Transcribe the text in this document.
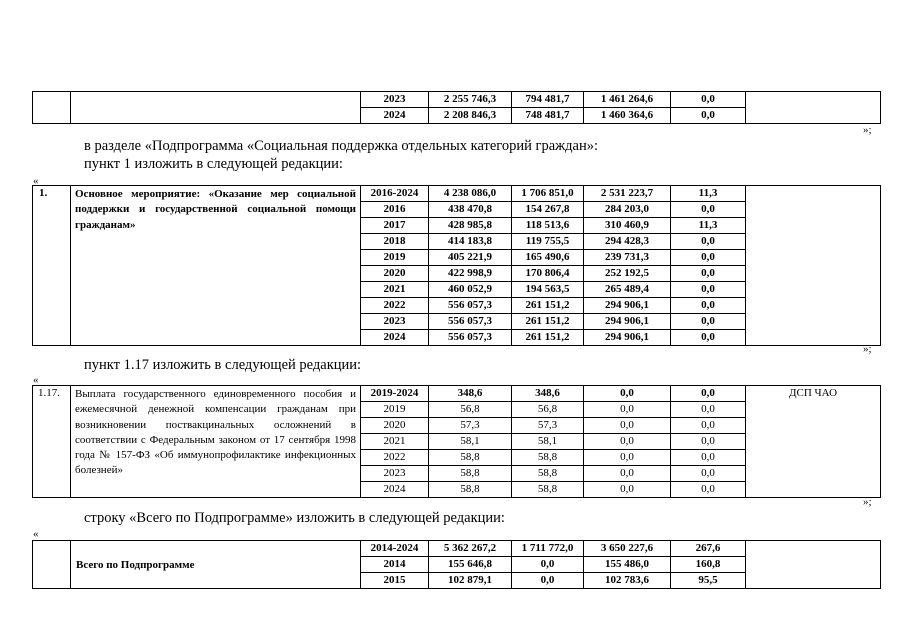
		2023	2 255 746,3	794 481,7	1 461 264,6	0,0	
		2024	2 208 846,3	748 481,7	1 460 364,6	0,0	
»;
в разделе «Подпрограмма «Социальная поддержка отдельных категорий граждан»:
пункт 1 изложить в следующей редакции:
«
1.	Основное мероприятие: «Оказание мер социальной поддержки и государственной социальной помощи гражданам»	2016-2024	4 238 086,0	1 706 851,0	2 531 223,7	11,3	
		2016	438 470,8	154 267,8	284 203,0	0,0	
		2017	428 985,8	118 513,6	310 460,9	11,3	
		2018	414 183,8	119 755,5	294 428,3	0,0	
		2019	405 221,9	165 490,6	239 731,3	0,0	
		2020	422 998,9	170 806,4	252 192,5	0,0	
		2021	460 052,9	194 563,5	265 489,4	0,0	
		2022	556 057,3	261 151,2	294 906,1	0,0	
		2023	556 057,3	261 151,2	294 906,1	0,0	
		2024	556 057,3	261 151,2	294 906,1	0,0	
»;
пункт 1.17 изложить в следующей редакции:
«
1.17.	Выплата государственного единовременного пособия и ежемесячной денежной компенсации гражданам при возникновении поствакцинальных осложнений в соответствии с Федеральным законом от 17 сентября 1998 года № 157-ФЗ «Об иммунопрофилактике инфекционных болезней»	2019-2024	348,6	348,6	0,0	0,0	ДСП ЧАО
		2019	56,8	56,8	0,0	0,0	
		2020	57,3	57,3	0,0	0,0	
		2021	58,1	58,1	0,0	0,0	
		2022	58,8	58,8	0,0	0,0	
		2023	58,8	58,8	0,0	0,0	
		2024	58,8	58,8	0,0	0,0	
»;
строку «Всего по Подпрограмме» изложить в следующей редакции:
«
	Всего по Подпрограмме	2014-2024	5 362 267,2	1 711 772,0	3 650 227,6	267,6	
		2014	155 646,8	0,0	155 486,0	160,8	
		2015	102 879,1	0,0	102 783,6	95,5	
